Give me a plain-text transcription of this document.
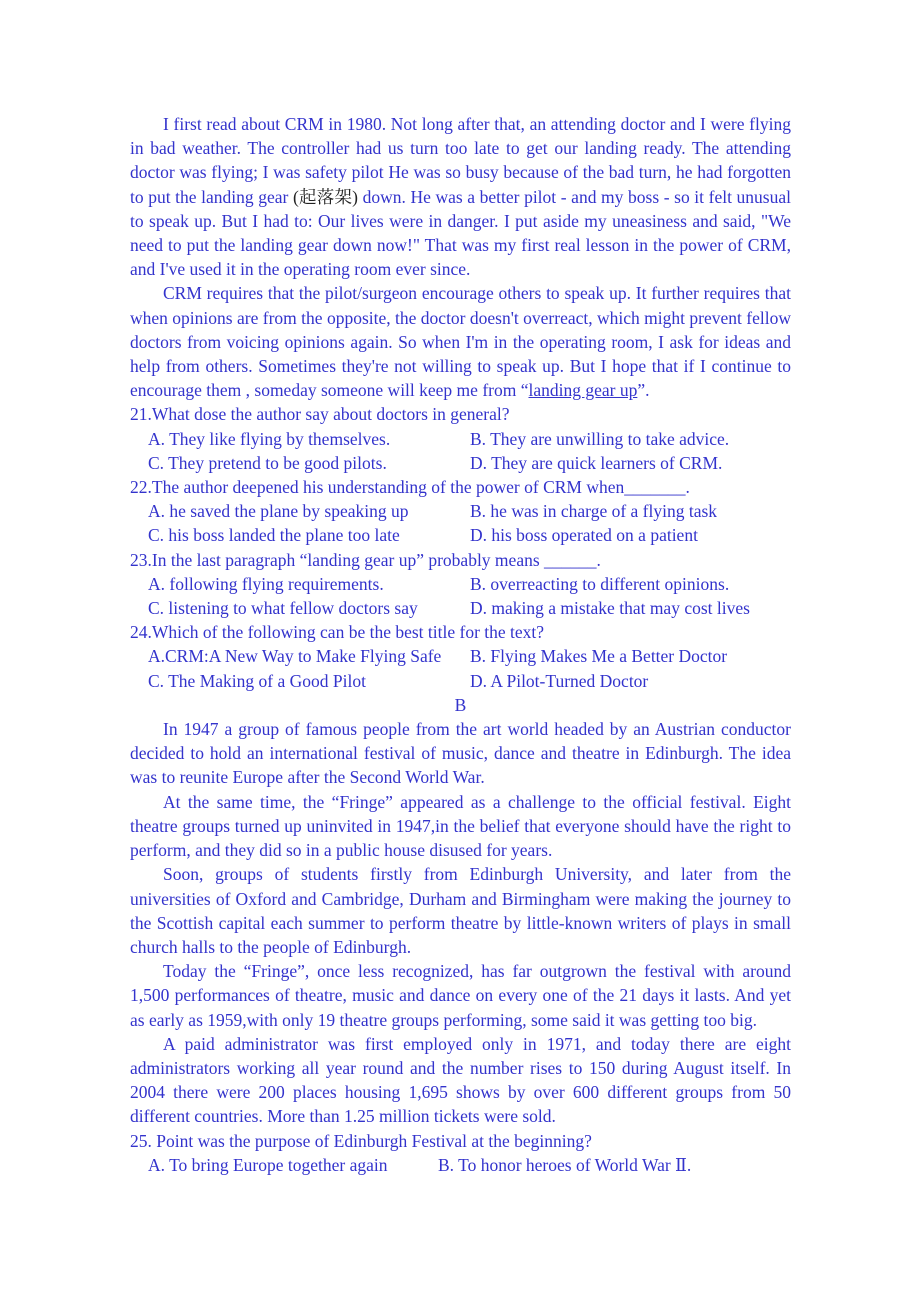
I first read about CRM in 1980. Not long after that, an attending doctor and I were flying in bad weather. The controller had us turn too late to get our landing ready. The attending doctor was flying; I was safety pilot He was so busy because of the bad turn, he had forgotten to put the landing gear (起落架) down. He was a better pilot - and my boss - so it felt unusual to speak up. But I had to: Our lives were in danger. I put aside my uneasiness and said, "We need to put the landing gear down now!" That was my first real lesson in the power of CRM, and I've used it in the operating room ever since.

CRM requires that the pilot/surgeon encourage others to speak up. It further requires that when opinions are from the opposite, the doctor doesn't overreact, which might prevent fellow doctors from voicing opinions again. So when I'm in the operating room, I ask for ideas and help from others. Sometimes they're not willing to speak up. But I hope that if I continue to encourage them , someday someone will keep me from “landing gear up”.

21.What dose the author say about doctors in general?

A. They like flying by themselves.	B. They are unwilling to take advice.
C. They pretend to be good pilots.	D. They are quick learners of CRM.

22.The author deepened his understanding of the power of CRM when_______.

A. he saved the plane by speaking up	B. he was in charge of a flying task
C. his boss landed the plane too late	D. his boss operated on a patient

23.In the last paragraph “landing gear up” probably means ______.

A. following flying requirements.	B. overreacting to different opinions.
C. listening to what fellow doctors say	D. making a mistake that may cost lives

24.Which of the following can be the best title for the text?

A.CRM:A New Way to Make Flying Safe	B. Flying Makes Me a Better Doctor
C. The Making of a Good Pilot	D. A Pilot-Turned Doctor

B

In 1947 a group of famous people from the art world headed by an Austrian conductor decided to hold an international festival of music, dance and theatre in Edinburgh. The idea was to reunite Europe after the Second World War.

At the same time, the “Fringe” appeared as a challenge to the official festival. Eight theatre groups turned up uninvited in 1947,in the belief that everyone should have the right to perform, and they did so in a public house disused for years.

Soon, groups of students firstly from Edinburgh University, and later from the universities of Oxford and Cambridge, Durham and Birmingham were making the journey to the Scottish capital each summer to perform theatre by little-known writers of plays in small church halls to the people of Edinburgh.

Today the “Fringe”, once less recognized, has far outgrown the festival with around 1,500 performances of theatre, music and dance on every one of the 21 days it lasts. And yet as early as 1959,with only 19 theatre groups performing, some said it was getting too big.

A paid administrator was first employed only in 1971, and today there are eight administrators working all year round and the number rises to 150 during August itself. In 2004 there were 200 places housing 1,695 shows by over 600 different groups from 50 different countries. More than 1.25 million tickets were sold.

25. Point was the purpose of Edinburgh Festival at the beginning?

A. To bring Europe together again	B. To honor heroes of World War Ⅱ.
